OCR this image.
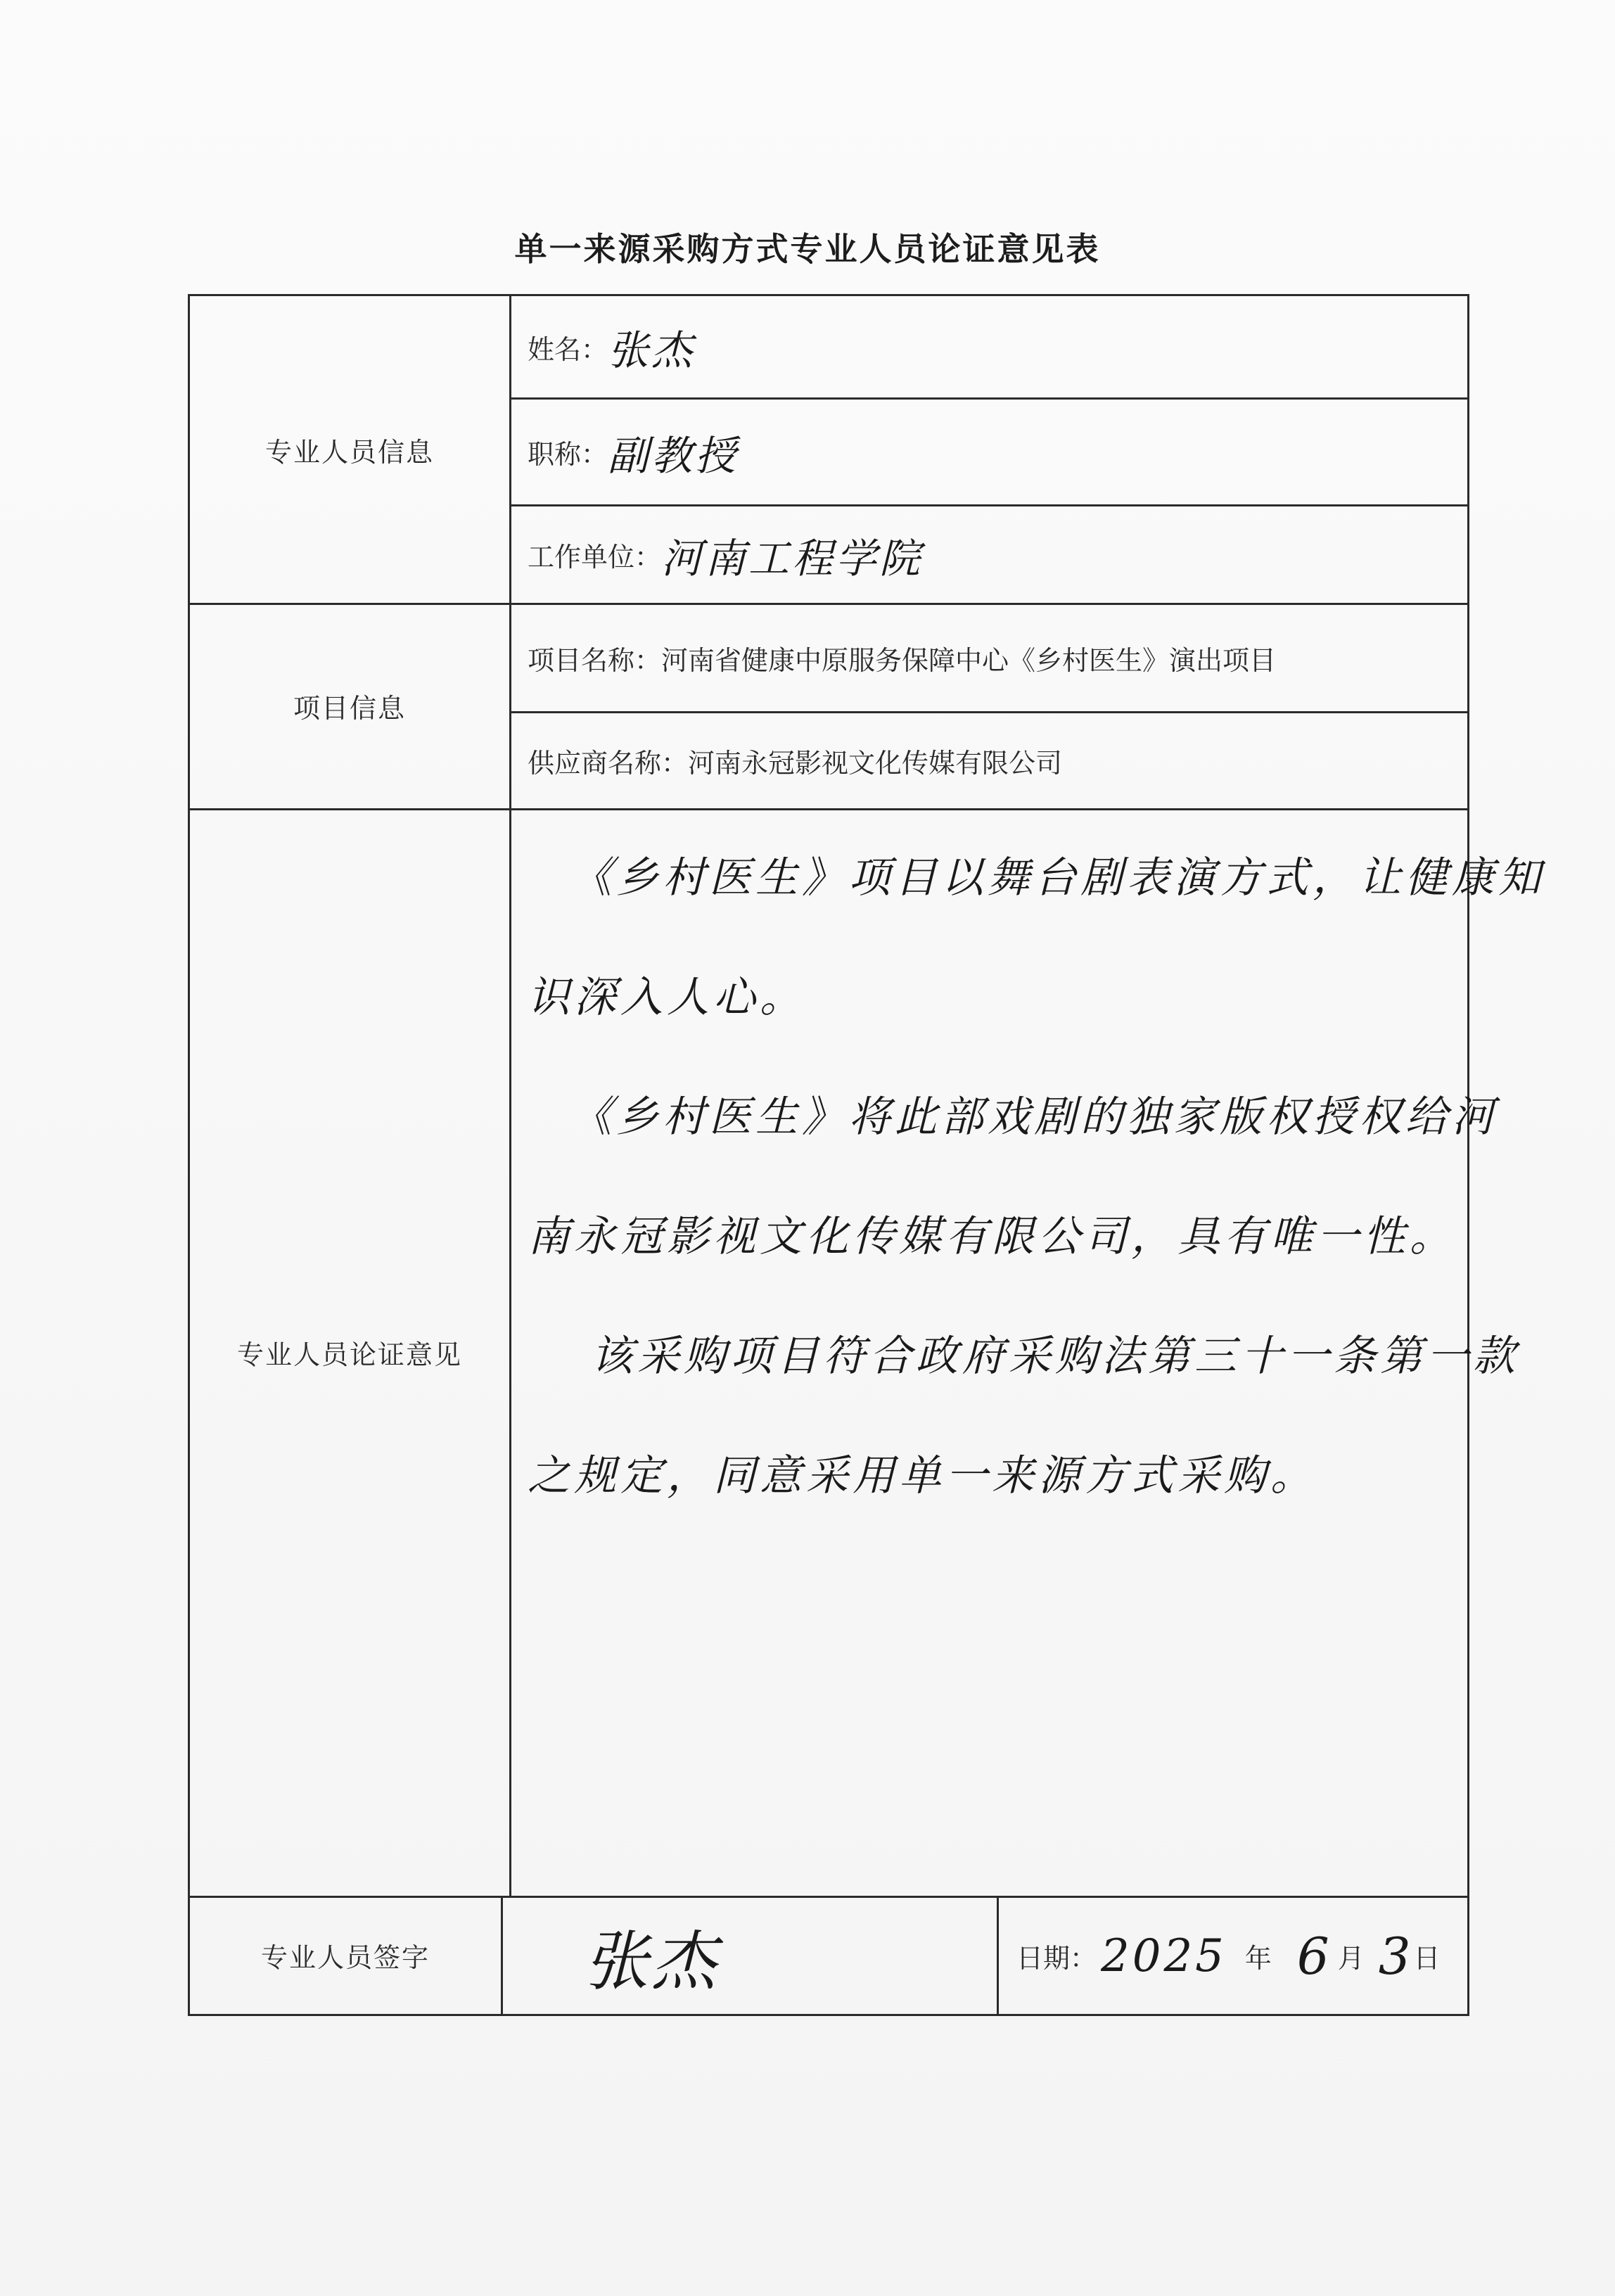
单一来源采购方式专业人员论证意见表
专业人员信息
项目信息
专业人员论证意见
专业人员签字
姓名： 张杰
职称： 副教授
工作单位： 河南工程学院
项目名称： 河南省健康中原服务保障中心《乡村医生》演出项目
供应商名称： 河南永冠影视文化传媒有限公司
张杰	日期： 2025 年 6 月 3 日
《乡村医生》项目以舞台剧表演方式，让健康知
识深入人心。
《乡村医生》将此部戏剧的独家版权授权给河
南永冠影视文化传媒有限公司，具有唯一性。
该采购项目符合政府采购法第三十一条第一款
之规定，同意采用单一来源方式采购。
